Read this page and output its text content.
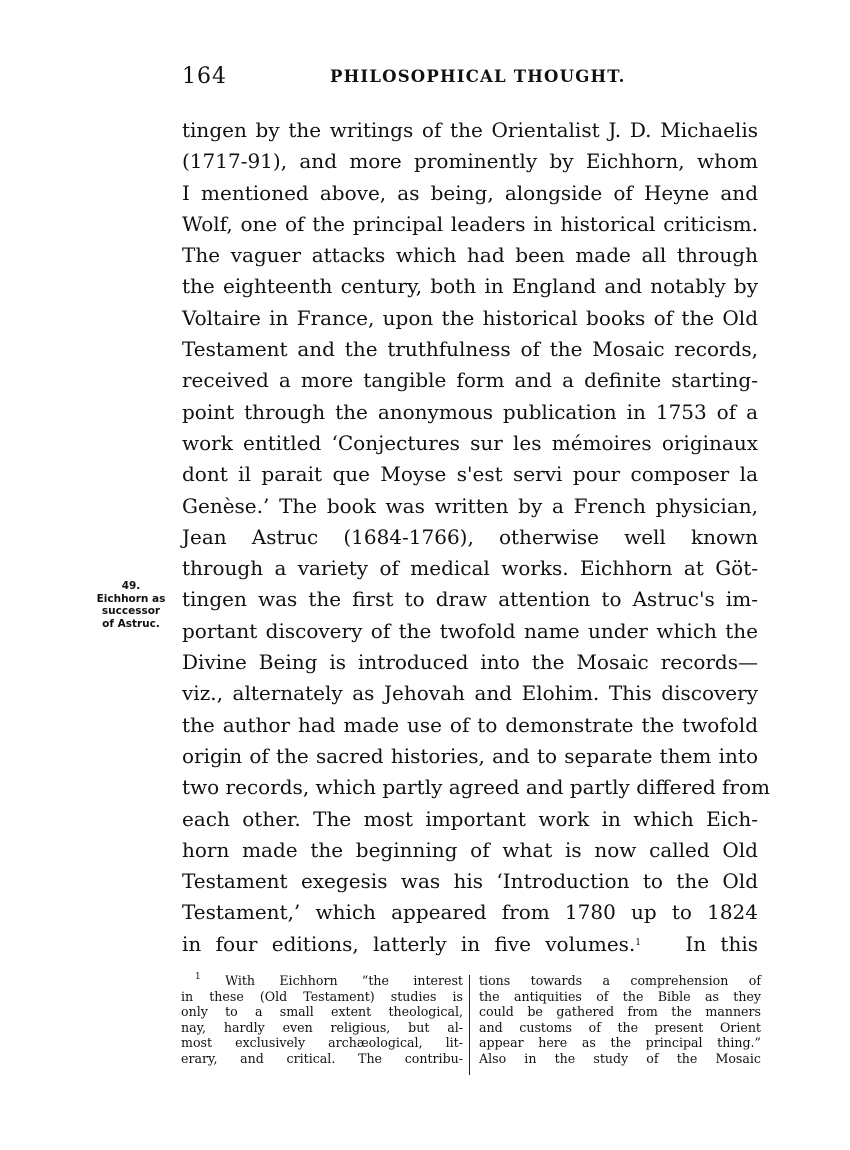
164	PHILOSOPHICAL THOUGHT.
tingen by the writings of the Orientalist J. D. Michaelis
(1717-91), and more prominently by Eichhorn, whom
I mentioned above, as being, alongside of Heyne and
Wolf, one of the principal leaders in historical criticism.
The vaguer attacks which had been made all through
the eighteenth century, both in England and notably by
Voltaire in France, upon the historical books of the Old
Testament and the truthfulness of the Mosaic records,
received a more tangible form and a definite starting-
point through the anonymous publication in 1753 of a
work entitled ‘Conjectures sur les mémoires originaux
dont il parait que Moyse s'est servi pour composer la
Genèse.’ The book was written by a French physician,
Jean Astruc (1684-1766), otherwise well known
through a variety of medical works. Eichhorn at Göt-
tingen was the first to draw attention to Astruc's im-
portant discovery of the twofold name under which the
Divine Being is introduced into the Mosaic records—
viz., alternately as Jehovah and Elohim. This discovery
the author had made use of to demonstrate the twofold
origin of the sacred histories, and to separate them into
two records, which partly agreed and partly differed from
each other. The most important work in which Eich-
horn made the beginning of what is now called Old
Testament exegesis was his ‘Introduction to the Old
Testament,’ which appeared from 1780 up to 1824
in four editions, latterly in five volumes.$^1$ In this
49.
Eichhorn as
successor
of Astruc.
$^1$ With Eichhorn “the interest
in these (Old Testament) studies is
only to a small extent theological,
nay, hardly even religious, but al-
most exclusively archæological, lit-
erary, and critical. The contribu-
tions towards a comprehension of
the antiquities of the Bible as they
could be gathered from the manners
and customs of the present Orient
appear here as the principal thing.”
Also in the study of the Mosaic
